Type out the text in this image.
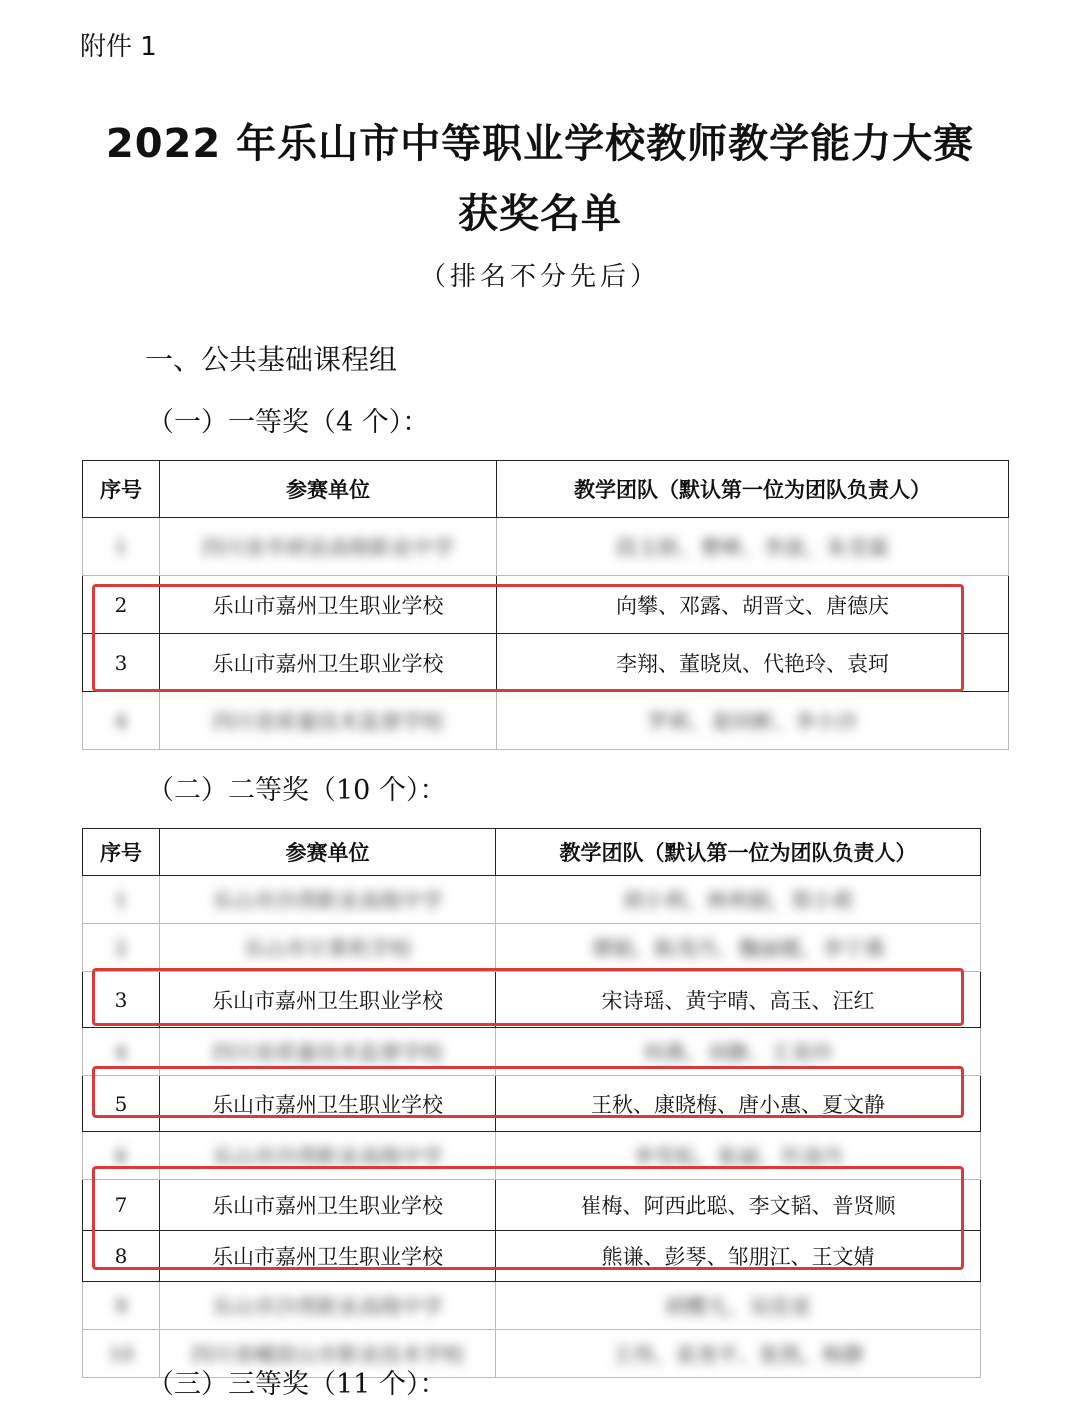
附件 1
2022 年乐山市中等职业学校教师教学能力大赛
获奖名单
（排名不分先后）
一、公共基础课程组
（一）一等奖（4 个）：
序号	参赛单位	教学团队（默认第一位为团队负责人）
1	四川省井研县高级职业中学	段玉娇、曹峥、李波、朱莹霖
2	乐山市嘉州卫生职业学校	向攀、邓露、胡晋文、唐德庆
3	乐山市嘉州卫生职业学校	李翔、董晓岚、代艳玲、袁珂
4	四川省质量技术监督学校	罗莉、姜同彬、李小沙
（二）二等奖（10 个）：
序号	参赛单位	教学团队（默认第一位为团队负责人）
1	乐山市沙湾职业高级中学	胡小利、林利娟、郑小莉
2	乐山市计算机学校	谭娟、陈茂丹、魏丽媛、李宁燕
3	乐山市嘉州卫生职业学校	宋诗瑶、黄宇晴、高玉、汪红
4	四川省质量技术监督学校	何燕、刘静、王美玲
5	乐山市嘉州卫生职业学校	王秋、康晓梅、唐小惠、夏文静
6	乐山市沙湾职业高级中学	李雪松、张丽、许凌丹
7	乐山市嘉州卫生职业学校	崔梅、阿西此聪、李文韬、普贤顺
8	乐山市嘉州卫生职业学校	熊谦、彭琴、邹朋江、王文婧
9	乐山市沙湾职业高级中学	胡樱凡、吴佳星
10	四川省峨眉山市职业技术学校	王伟、袁尧平、张凯、杨静
（三）三等奖（11 个）：
